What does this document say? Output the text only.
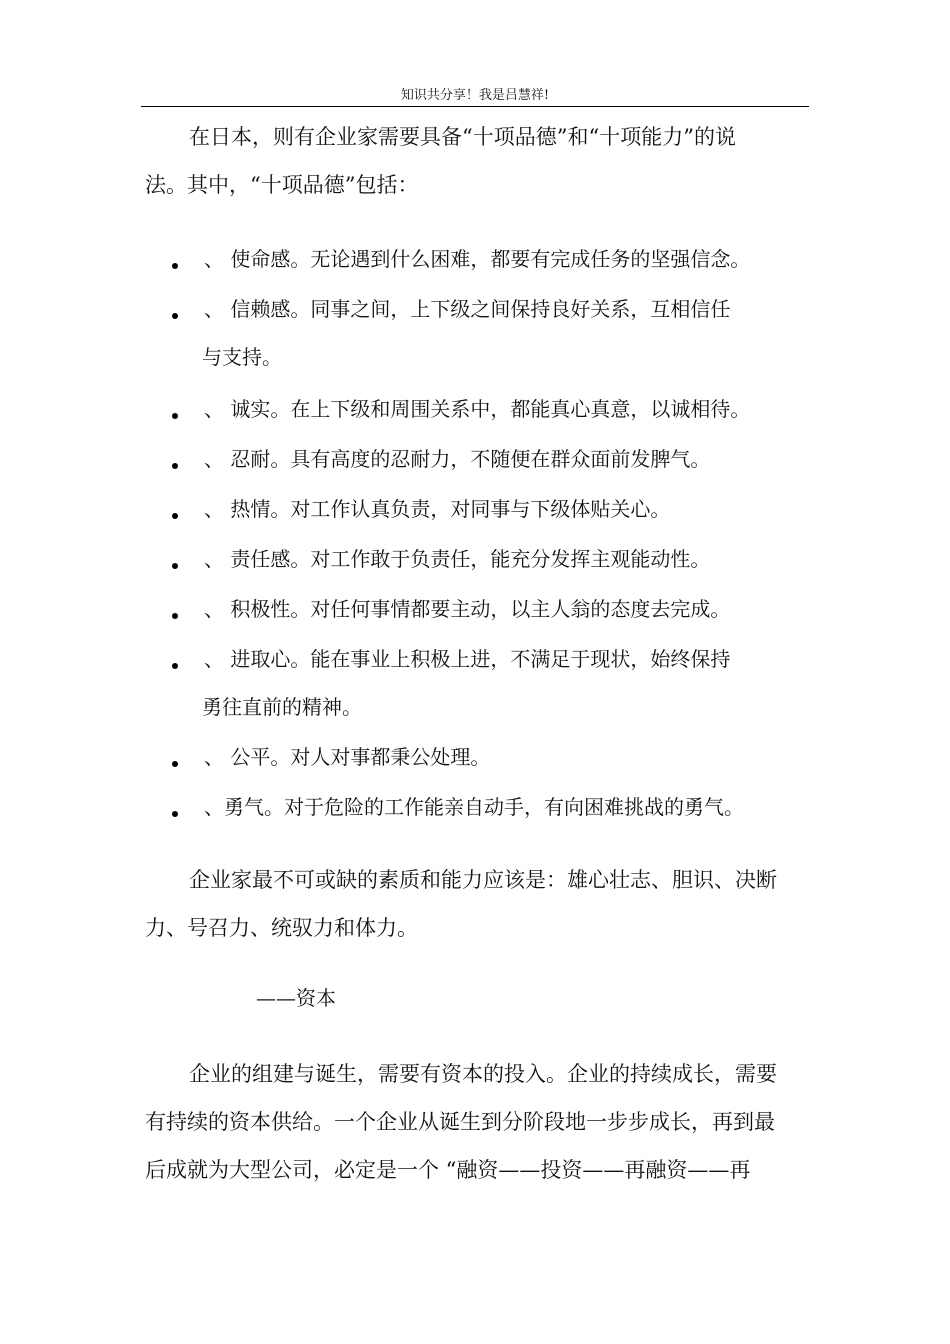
知识共分享！我是吕慧祥!

在日本，则有企业家需要具备“十项品德”和“十项能力”的说

法。其中，“十项品德”包括：

、 使命感。无论遇到什么困难，都要有完成任务的坚强信念。
、 信赖感。同事之间，上下级之间保持良好关系，互相信任
与支持。
、 诚实。在上下级和周围关系中，都能真心真意，以诚相待。
、 忍耐。具有高度的忍耐力，不随便在群众面前发脾气。
、 热情。对工作认真负责，对同事与下级体贴关心。
、 责任感。对工作敢于负责任，能充分发挥主观能动性。
、 积极性。对任何事情都要主动，以主人翁的态度去完成。
、 进取心。能在事业上积极上进，不满足于现状，始终保持
勇往直前的精神。
、 公平。对人对事都秉公处理。
、勇气。对于危险的工作能亲自动手，有向困难挑战的勇气。

企业家最不可或缺的素质和能力应该是：雄心壮志、胆识、决断

力、号召力、统驭力和体力。

——资本

企业的组建与诞生，需要有资本的投入。企业的持续成长，需要

有持续的资本供给。一个企业从诞生到分阶段地一步步成长，再到最

后成就为大型公司，必定是一个 “融资——投资——再融资——再
